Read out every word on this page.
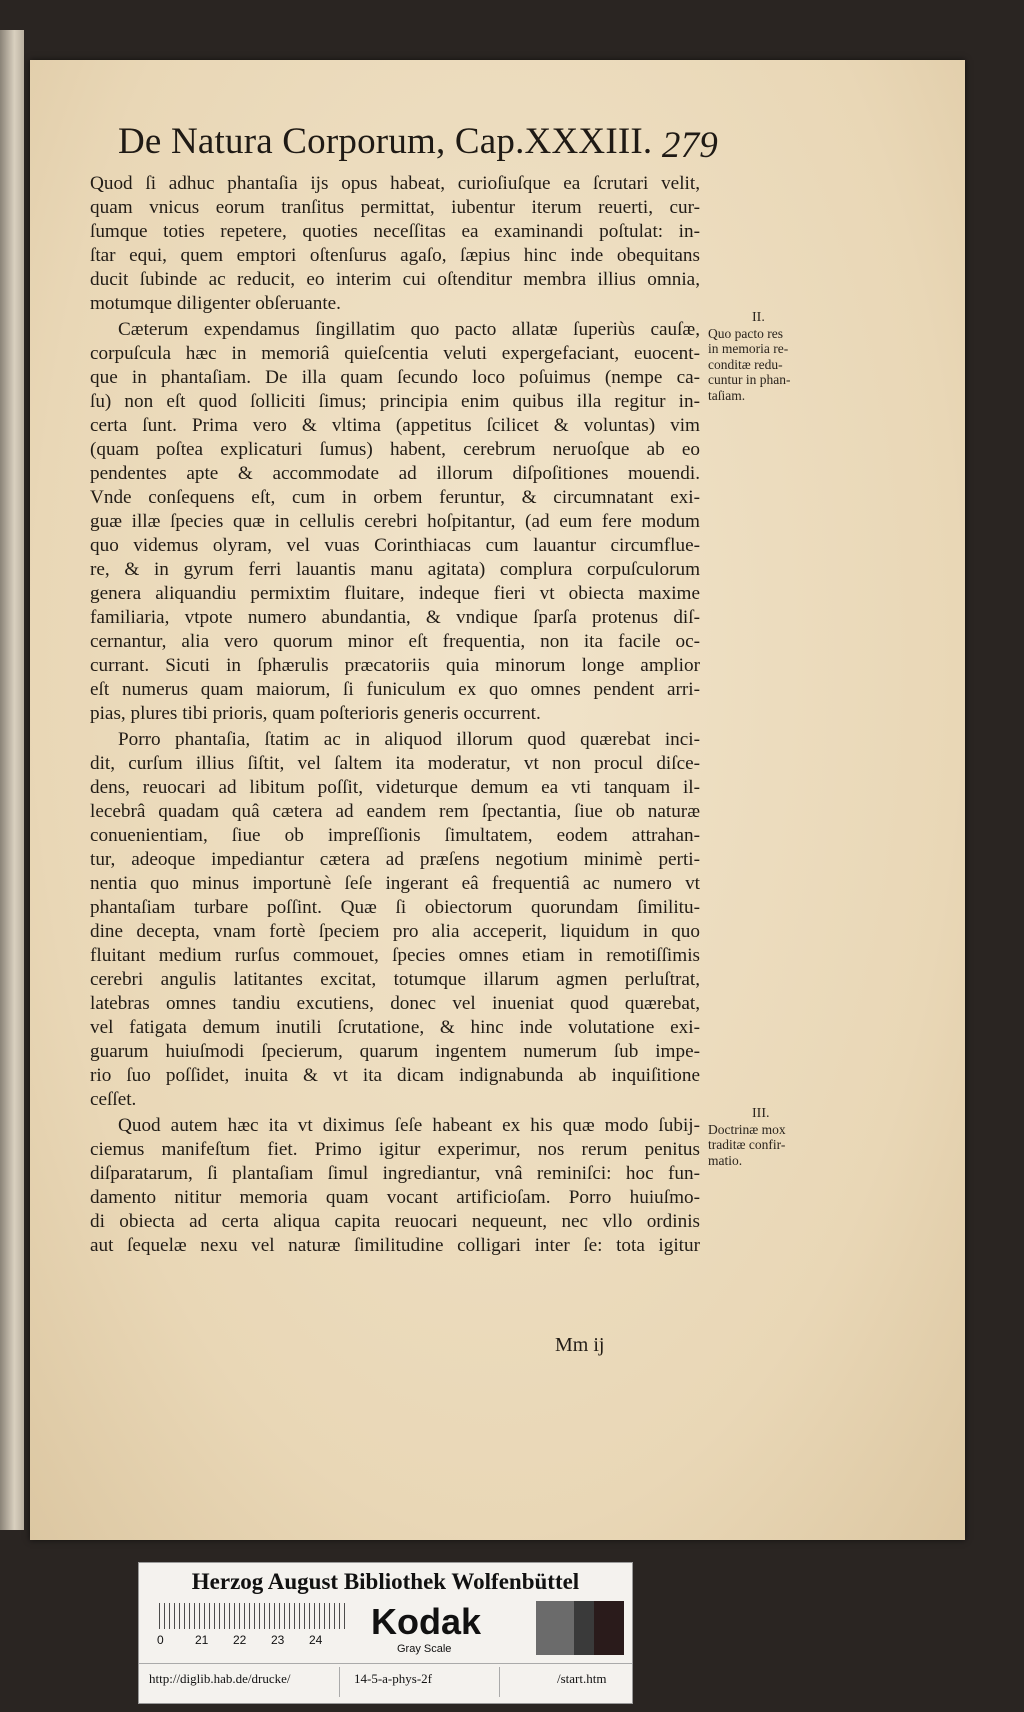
De Natura Corporum, Cap.XXXIII. 279
Quod ſi adhuc phantaſia ijs opus habeat, curioſiuſque ea ſcrutari velit,
quam vnicus eorum tranſitus permittat, iubentur iterum reuerti, cur-
ſumque toties repetere, quoties neceſſitas ea examinandi poſtulat: in-
ſtar equi, quem emptori oſtenſurus agaſo, ſæpius hinc inde obequitans
ducit ſubinde ac reducit, eo interim cui oſtenditur membra illius omnia,
motumque diligenter obſeruante.
Cæterum expendamus ſingillatim quo pacto allatæ ſuperiùs cauſæ,
corpuſcula hæc in memoriâ quieſcentia veluti expergefaciant, euocent-
que in phantaſiam. De illa quam ſecundo loco poſuimus (nempe ca-
ſu) non eſt quod ſolliciti ſimus; principia enim quibus illa regitur in-
certa ſunt. Prima vero & vltima (appetitus ſcilicet & voluntas) vim
(quam poſtea explicaturi ſumus) habent, cerebrum neruoſque ab eo
pendentes apte & accommodate ad illorum diſpoſitiones mouendi.
Vnde conſequens eſt, cum in orbem feruntur, & circumnatant exi-
guæ illæ ſpecies quæ in cellulis cerebri hoſpitantur, (ad eum fere modum
quo videmus olyram, vel vuas Corinthiacas cum lauantur circumflue-
re, & in gyrum ferri lauantis manu agitata) complura corpuſculorum
genera aliquandiu permixtim fluitare, indeque fieri vt obiecta maxime
familiaria, vtpote numero abundantia, & vndique ſparſa protenus diſ-
cernantur, alia vero quorum minor eſt frequentia, non ita facile oc-
currant. Sicuti in ſphærulis præcatoriis quia minorum longe amplior
eſt numerus quam maiorum, ſi funiculum ex quo omnes pendent arri-
pias, plures tibi prioris, quam poſterioris generis occurrent.
Porro phantaſia, ſtatim ac in aliquod illorum quod quærebat inci-
dit, curſum illius ſiſtit, vel ſaltem ita moderatur, vt non procul diſce-
dens, reuocari ad libitum poſſit, videturque demum ea vti tanquam il-
lecebrâ quadam quâ cætera ad eandem rem ſpectantia, ſiue ob naturæ
conuenientiam, ſiue ob impreſſionis ſimultatem, eodem attrahan-
tur, adeoque impediantur cætera ad præſens negotium minimè perti-
nentia quo minus importunè ſeſe ingerant eâ frequentiâ ac numero vt
phantaſiam turbare poſſint. Quæ ſi obiectorum quorundam ſimilitu-
dine decepta, vnam fortè ſpeciem pro alia acceperit, liquidum in quo
fluitant medium rurſus commouet, ſpecies omnes etiam in remotiſſimis
cerebri angulis latitantes excitat, totumque illarum agmen perluſtrat,
latebras omnes tandiu excutiens, donec vel inueniat quod quærebat,
vel fatigata demum inutili ſcrutatione, & hinc inde volutatione exi-
guarum huiuſmodi ſpecierum, quarum ingentem numerum ſub impe-
rio ſuo poſſidet, inuita & vt ita dicam indignabunda ab inquiſitione
ceſſet.
Quod autem hæc ita vt diximus ſeſe habeant ex his quæ modo ſubij-
ciemus manifeſtum fiet. Primo igitur experimur, nos rerum penitus
diſparatarum, ſi plantaſiam ſimul ingrediantur, vnâ reminiſci: hoc fun-
damento nititur memoria quam vocant artificioſam. Porro huiuſmo-
di obiecta ad certa aliqua capita reuocari nequeunt, nec vllo ordinis
aut ſequelæ nexu vel naturæ ſimilitudine colligari inter ſe: tota igitur
II.
Quo pacto res
in memoria re-
conditæ redu-
cuntur in phan-
taſiam.
III.
Doctrinæ mox
traditæ confir-
matio.
Mm ij
Herzog August Bibliothek Wolfenbüttel
0	21 22 23 24	Kodak
Gray Scale
http://diglib.hab.de/drucke/	14-5-a-phys-2f	/start.htm
